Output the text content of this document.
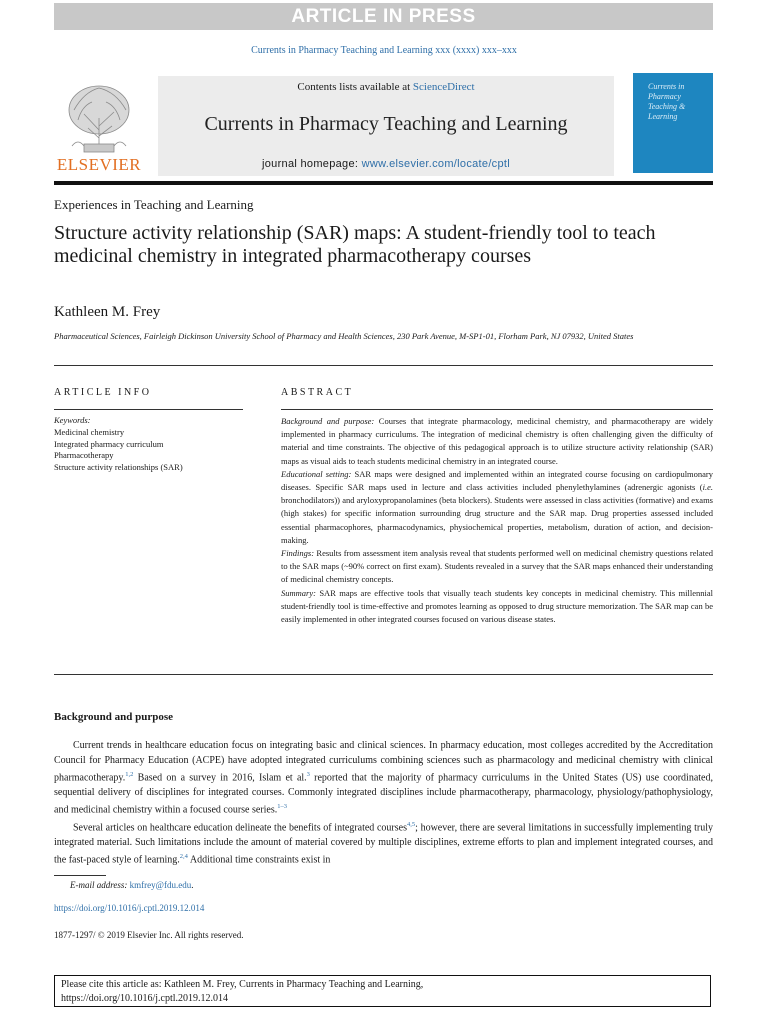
ARTICLE IN PRESS
Currents in Pharmacy Teaching and Learning xxx (xxxx) xxx–xxx
Contents lists available at ScienceDirect
Currents in Pharmacy Teaching and Learning
journal homepage: www.elsevier.com/locate/cptl
ELSEVIER
Currents in Pharmacy Teaching & Learning
Experiences in Teaching and Learning
Structure activity relationship (SAR) maps: A student-friendly tool to teach medicinal chemistry in integrated pharmacotherapy courses
Kathleen M. Frey
Pharmaceutical Sciences, Fairleigh Dickinson University School of Pharmacy and Health Sciences, 230 Park Avenue, M-SP1-01, Florham Park, NJ 07932, United States
ARTICLE INFO	ABSTRACT
Keywords:
Medicinal chemistry
Integrated pharmacy curriculum
Pharmacotherapy
Structure activity relationships (SAR)

Background and purpose: Courses that integrate pharmacology, medicinal chemistry, and pharmacotherapy are widely implemented in pharmacy curriculums. The integration of medicinal chemistry is often challenging given the difficulty of material and time constraints. The objective of this pedagogical approach is to utilize structure activity relationship (SAR) maps as visual aids to teach students medicinal chemistry in an integrated course.

Educational setting: SAR maps were designed and implemented within an integrated course focusing on cardiopulmonary diseases. Specific SAR maps used in lecture and class activities included phenylethylamines (adrenergic agonists (i.e. bronchodilators)) and aryloxypropanolamines (beta blockers). Students were assessed in class activities (formative) and exams (high stakes) for specific information surrounding drug structure and the SAR map. Drug properties assessed included essential pharmacophores, pharmacodynamics, physiochemical properties, metabolism, duration of action, and decision-making.

Findings: Results from assessment item analysis reveal that students performed well on medicinal chemistry questions related to the SAR maps (~90% correct on first exam). Students revealed in a survey that the SAR maps enhanced their understanding of medicinal chemistry concepts.

Summary: SAR maps are effective tools that visually teach students key concepts in medicinal chemistry. This millennial student-friendly tool is time-effective and promotes learning as opposed to drug structure memorization. The SAR map can be easily implemented in other integrated courses focused on various disease states.

Background and purpose

Current trends in healthcare education focus on integrating basic and clinical sciences. In pharmacy education, most colleges accredited by the Accreditation Council for Pharmacy Education (ACPE) have adopted integrated curriculums combining sciences such as pharmacology and medicinal chemistry with clinical pharmacotherapy.$^{1,2}$ Based on a survey in 2016, Islam et al.$^3$ reported that the majority of pharmacy curriculums in the United States (US) use coordinated, sequential delivery of disciplines for integrated courses. Commonly integrated disciplines include pharmacotherapy, pharmacology, physiology/pathophysiology, and medicinal chemistry within a focused course series.$^{1-3}$

Several articles on healthcare education delineate the benefits of integrated courses$^{4,5}$; however, there are several limitations in successfully implementing truly integrated material. Such limitations include the amount of material covered by multiple disciplines, extreme efforts to plan and implement integrated courses, and the fast-paced style of learning.$^{2,4}$ Additional time constraints exist in

E-mail address: kmfrey@fdu.edu.
https://doi.org/10.1016/j.cptl.2019.12.014
1877-1297/ © 2019 Elsevier Inc. All rights reserved.
Please cite this article as: Kathleen M. Frey, Currents in Pharmacy Teaching and Learning,
https://doi.org/10.1016/j.cptl.2019.12.014
